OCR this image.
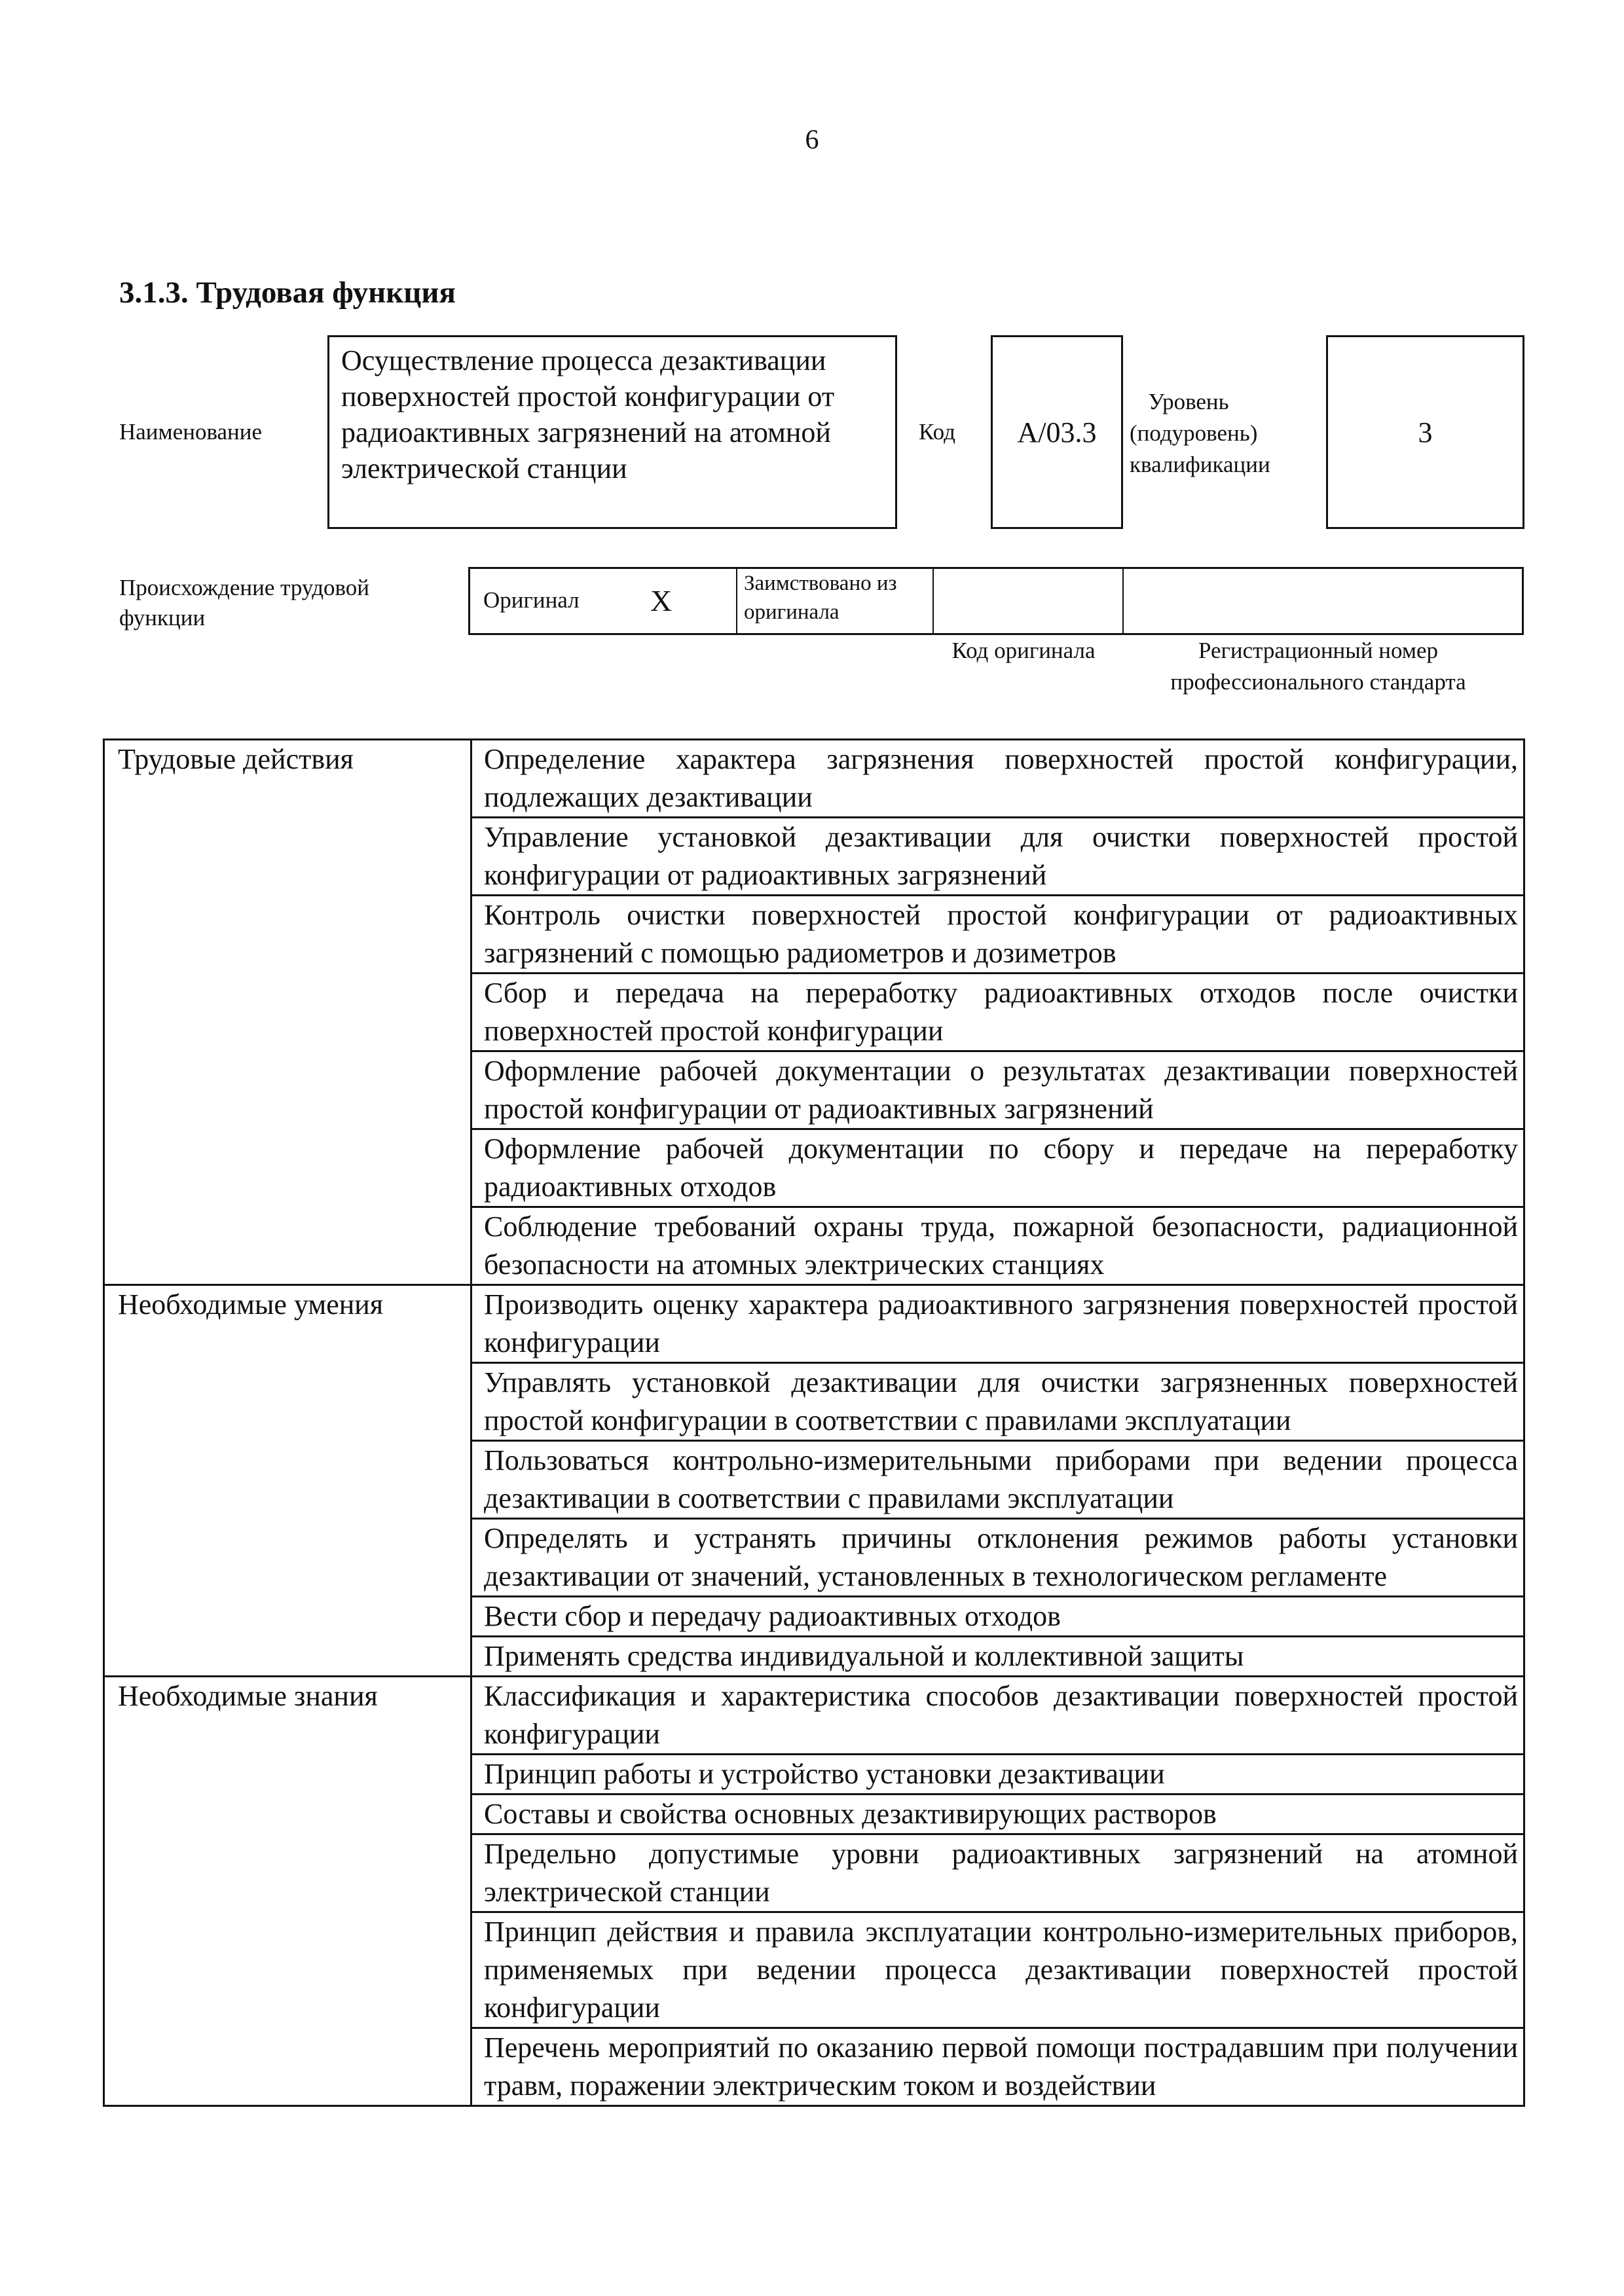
6
3.1.3. Трудовая функция
Наименование
Осуществление процесса дезактивации поверхностей простой конфигурации от радиоактивных загрязнений на атомной электрической станции
Код	A/03.3
Уровень (подуровень) квалификации
3
Происхождение трудовой функции
Оригинал X
Заимствовано из оригинала
Код оригинала	Регистрационный номер профессионального стандарта
Трудовые действия	Определение характера загрязнения поверхностей простой конфигурации, подлежащих дезактивации
	Управление установкой дезактивации для очистки поверхностей простой конфигурации от радиоактивных загрязнений
	Контроль очистки поверхностей простой конфигурации от радиоактивных загрязнений с помощью радиометров и дозиметров
	Сбор и передача на переработку радиоактивных отходов после очистки поверхностей простой конфигурации
	Оформление рабочей документации о результатах дезактивации поверхностей простой конфигурации от радиоактивных загрязнений
	Оформление рабочей документации по сбору и передаче на переработку радиоактивных отходов
	Соблюдение требований охраны труда, пожарной безопасности, радиационной безопасности на атомных электрических станциях
Необходимые умения	Производить оценку характера радиоактивного загрязнения поверхностей простой конфигурации
	Управлять установкой дезактивации для очистки загрязненных поверхностей простой конфигурации в соответствии с правилами эксплуатации
	Пользоваться контрольно-измерительными приборами при ведении процесса дезактивации в соответствии с правилами эксплуатации
	Определять и устранять причины отклонения режимов работы установки дезактивации от значений, установленных в технологическом регламенте
	Вести сбор и передачу радиоактивных отходов
	Применять средства индивидуальной и коллективной защиты
Необходимые знания	Классификация и характеристика способов дезактивации поверхностей простой конфигурации
	Принцип работы и устройство установки дезактивации
	Составы и свойства основных дезактивирующих растворов
	Предельно допустимые уровни радиоактивных загрязнений на атомной электрической станции
	Принцип действия и правила эксплуатации контрольно-измерительных приборов, применяемых при ведении процесса дезактивации поверхностей простой конфигурации
	Перечень мероприятий по оказанию первой помощи пострадавшим при получении травм, поражении электрическим током и воздействии
